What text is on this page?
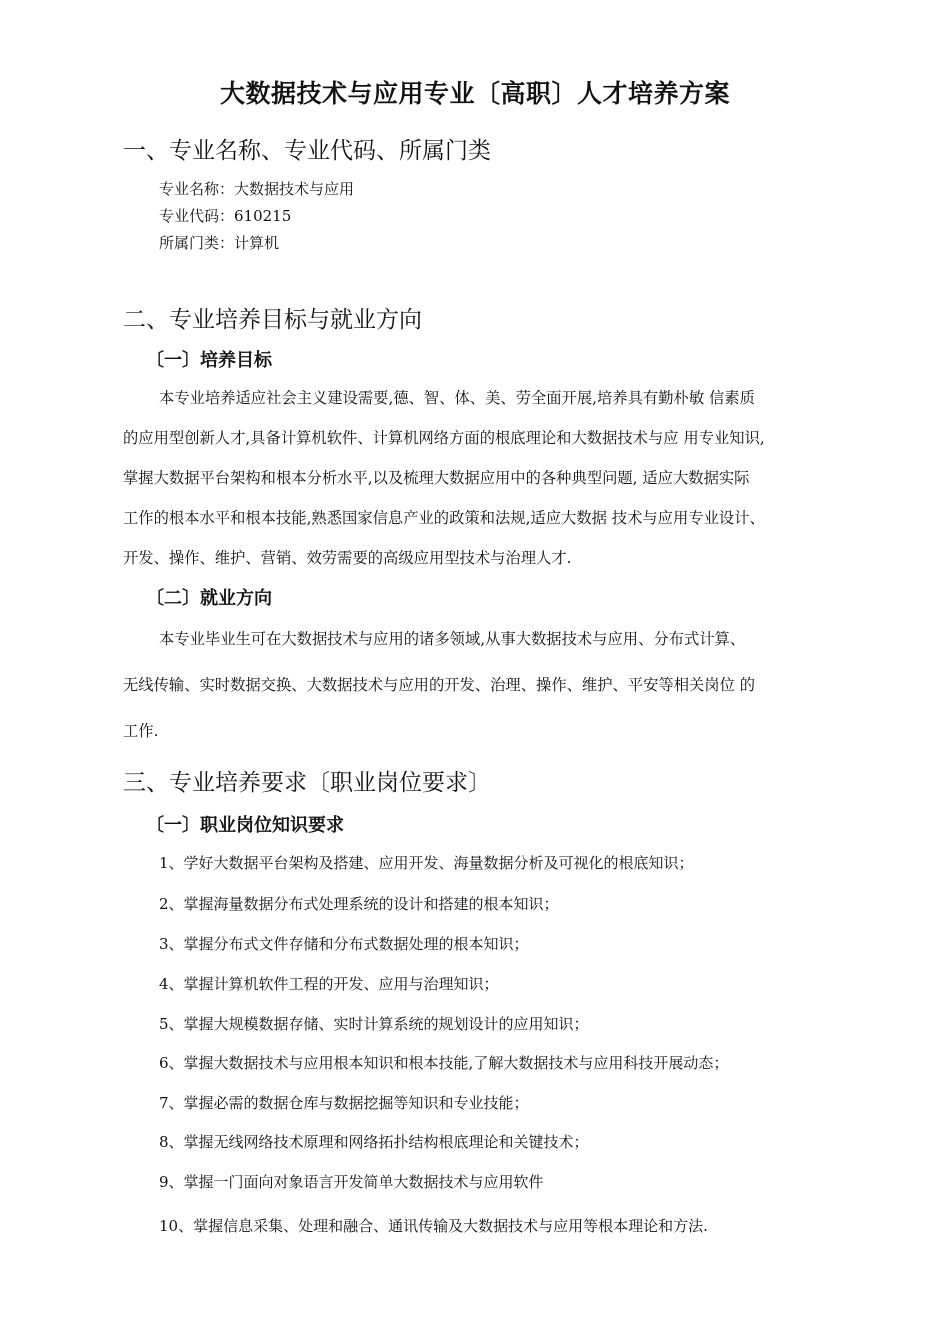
大数据技术与应用专业〔高职〕人才培养方案
一、专业名称、专业代码、所属门类
专业名称：大数据技术与应用
专业代码：610215
所属门类：计算机
二、专业培养目标与就业方向
〔一〕培养目标
本专业培养适应社会主义建设需要,德、智、体、美、劳全面开展,培养具有勤朴敏 信素质
的应用型创新人才,具备计算机软件、计算机网络方面的根底理论和大数据技术与应 用专业知识,
掌握大数据平台架构和根本分析水平,以及梳理大数据应用中的各种典型问题, 适应大数据实际
工作的根本水平和根本技能,熟悉国家信息产业的政策和法规,适应大数据 技术与应用专业设计、
开发、操作、维护、营销、效劳需要的高级应用型技术与治理人才.
〔二〕就业方向
本专业毕业生可在大数据技术与应用的诸多领域,从事大数据技术与应用、分布式计算、
无线传输、实时数据交换、大数据技术与应用的开发、治理、操作、维护、平安等相关岗位 的
工作.
三、专业培养要求〔职业岗位要求〕
〔一〕职业岗位知识要求
1、学好大数据平台架构及搭建、应用开发、海量数据分析及可视化的根底知识；
2、掌握海量数据分布式处理系统的设计和搭建的根本知识；
3、掌握分布式文件存储和分布式数据处理的根本知识；
4、掌握计算机软件工程的开发、应用与治理知识；
5、掌握大规模数据存储、实时计算系统的规划设计的应用知识；
6、掌握大数据技术与应用根本知识和根本技能,了解大数据技术与应用科技开展动态；
7、掌握必需的数据仓库与数据挖掘等知识和专业技能；
8、掌握无线网络技术原理和网络拓扑结构根底理论和关键技术；
9、掌握一门面向对象语言开发简单大数据技术与应用软件
10、掌握信息采集、处理和融合、通讯传输及大数据技术与应用等根本理论和方法.
